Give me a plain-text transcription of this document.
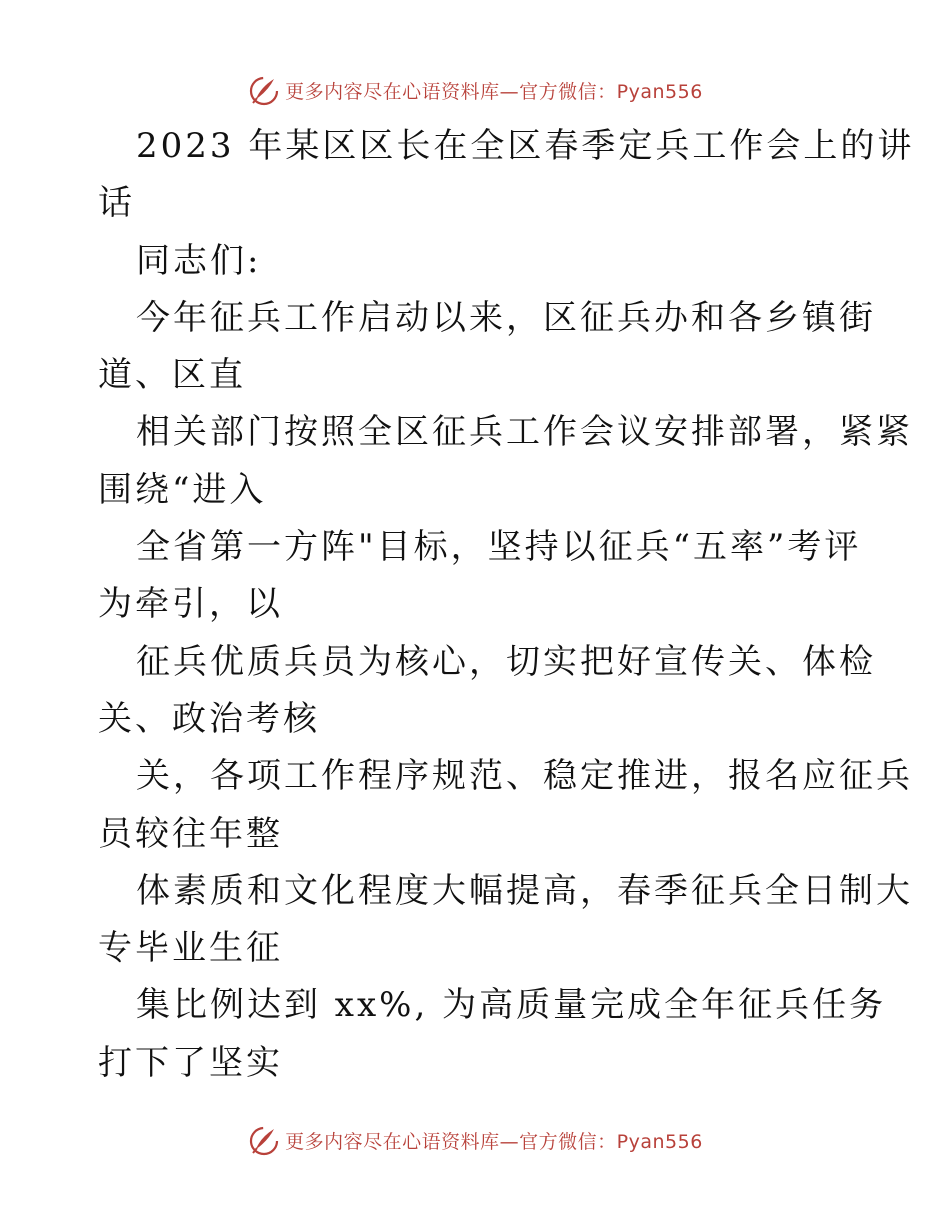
更多内容尽在心语资料库—官方微信：Pyan556
2023 年某区区长在全区春季定兵工作会上的讲
话
同志们:
今年征兵工作启动以来，区征兵办和各乡镇街
道、区直
相关部门按照全区征兵工作会议安排部署，紧紧
围绕“进入
全省第一方阵"目标，坚持以征兵“五率”考评
为牵引，以
征兵优质兵员为核心，切实把好宣传关、体检
关、政治考核
关，各项工作程序规范、稳定推进，报名应征兵
员较往年整
体素质和文化程度大幅提高，春季征兵全日制大
专毕业生征
集比例达到 xx%, 为高质量完成全年征兵任务
打下了坚实
更多内容尽在心语资料库—官方微信：Pyan556
